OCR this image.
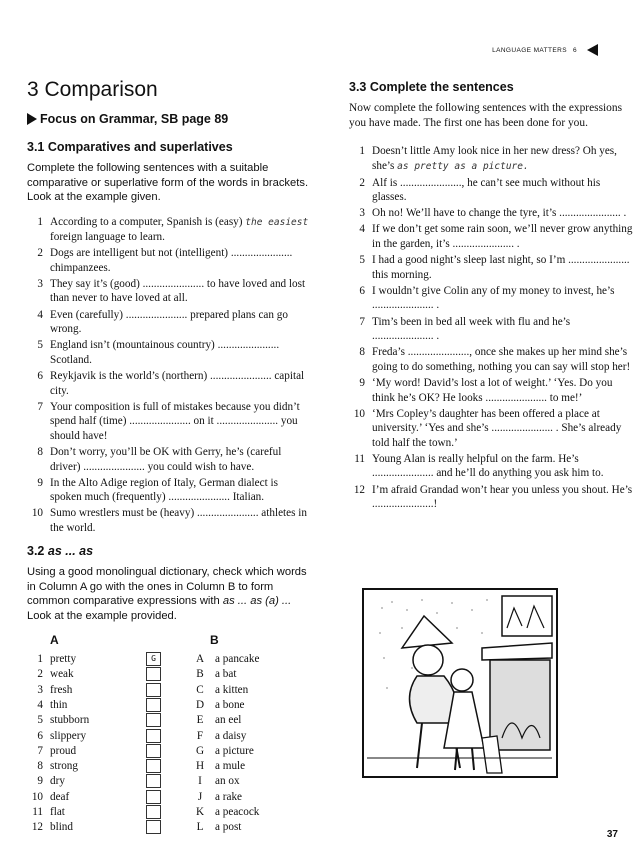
LANGUAGE MATTERS 6
3 Comparison
Focus on Grammar, SB page 89
3.1 Comparatives and superlatives

Complete the following sentences with a suitable comparative or superlative form of the words in brackets. Look at the example given.

1 According to a computer, Spanish is (easy) the easiest foreign language to learn.
2 Dogs are intelligent but not (intelligent) ...................... chimpanzees.
3 They say it’s (good) ...................... to have loved and lost than never to have loved at all.
4 Even (carefully) ...................... prepared plans can go wrong.
5 England isn’t (mountainous country) ...................... Scotland.
6 Reykjavik is the world’s (northern) ...................... capital city.
7 Your composition is full of mistakes because you didn’t spend half (time) ...................... on it ...................... you should have!
8 Don’t worry, you’ll be OK with Gerry, he’s (careful driver) ...................... you could wish to have.
9 In the Alto Adige region of Italy, German dialect is spoken much (frequently) ...................... Italian.
10 Sumo wrestlers must be (heavy) ...................... athletes in the world.
3.2 as ... as

Using a good monolingual dictionary, check which words in Column A go with the ones in Column B to form common comparative expressions with as ... as (a) ... Look at the example provided.

A	B
1 pretty	G	A a pancake
2 weak	B a bat
3 fresh	C a kitten
4 thin	D a bone
5 stubborn	E an eel
6 slippery	F a daisy
7 proud	G a picture
8 strong	H a mule
9 dry	I	an ox
10 deaf	J	a rake
11 flat	K a peacock
12 blind	L a post
3.3 Complete the sentences

Now complete the following sentences with the expressions you have made. The first one has been done for you.

1 Doesn’t little Amy look nice in her new dress? Oh yes, she’s as pretty as a picture.
2 Alf is ......................, he can’t see much without his glasses.
3 Oh no! We’ll have to change the tyre, it’s ...................... .
4 If we don’t get some rain soon, we’ll never grow anything in the garden, it’s ...................... .
5 I had a good night’s sleep last night, so I’m ...................... this morning.
6 I wouldn’t give Colin any of my money to invest, he’s ...................... .
7 Tim’s been in bed all week with flu and he’s ...................... .
8 Freda’s ......................, once she makes up her mind she’s going to do something, nothing you can say will stop her!
9 ‘My word! David’s lost a lot of weight.’ ‘Yes. Do you think he’s OK? He looks ...................... to me!’
10 ‘Mrs Copley’s daughter has been offered a place at university.’ ‘Yes and she’s ...................... . She’s already told half the town.’
11 Young Alan is really helpful on the farm. He’s ...................... and he’ll do anything you ask him to.
12 I’m afraid Grandad won’t hear you unless you shout. He’s ......................!
37
